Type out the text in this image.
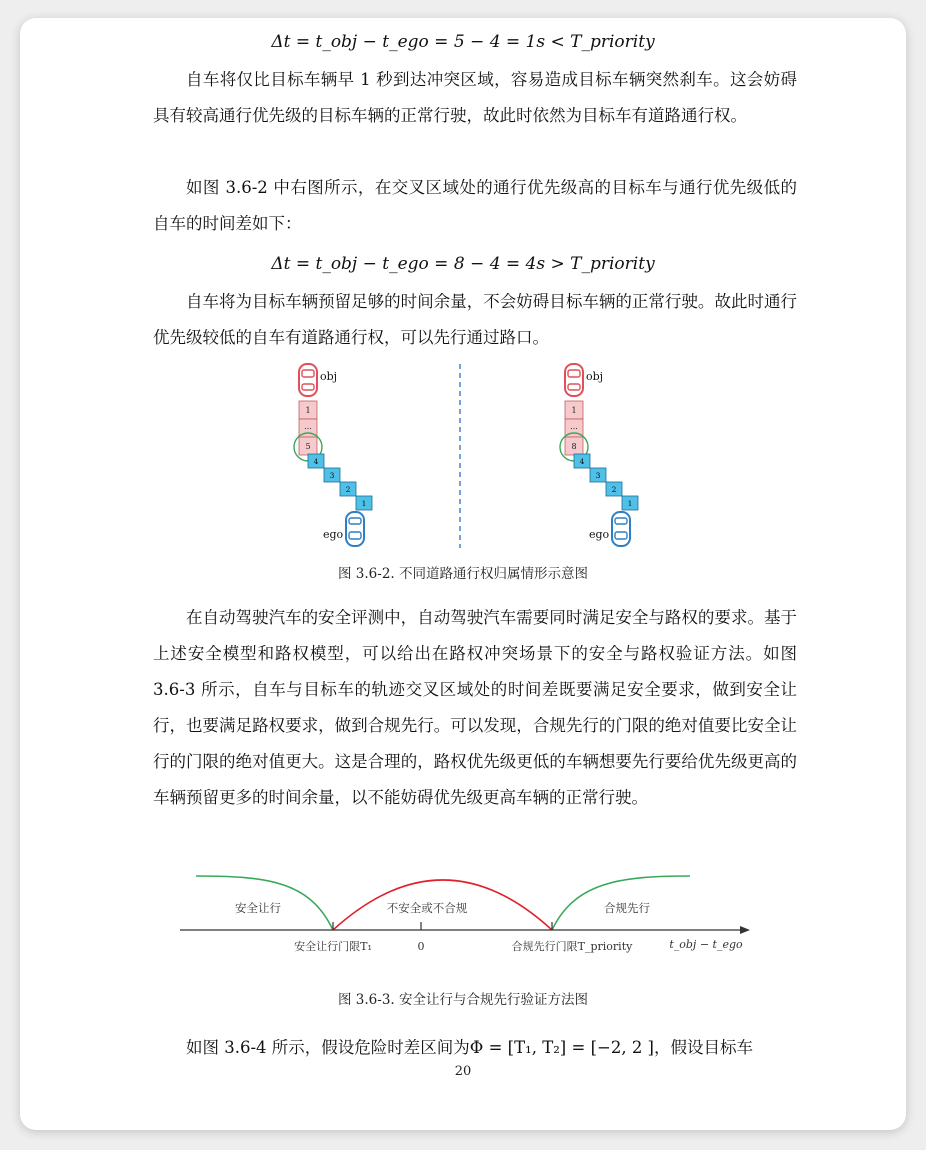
Δt = t_obj − t_ego = 5 − 4 = 1s < T_priority

自车将仅比目标车辆早 1 秒到达冲突区域，容易造成目标车辆突然刹车。这会妨碍具有较高通行优先级的目标车辆的正常行驶，故此时依然为目标车有道路通行权。

如图 3.6-2 中右图所示，在交叉区域处的通行优先级高的目标车与通行优先级低的自车的时间差如下：

Δt = t_obj − t_ego = 8 − 4 = 4s > T_priority

自车将为目标车辆预留足够的时间余量，不会妨碍目标车辆的正常行驶。故此时通行优先级较低的自车有道路通行权，可以先行通过路口。

obj
1
...
5
4
3
2
1
ego
obj
1
...
8
4
3
2
1
ego
图 3.6-2. 不同道路通行权归属情形示意图

在自动驾驶汽车的安全评测中，自动驾驶汽车需要同时满足安全与路权的要求。基于上述安全模型和路权模型，可以给出在路权冲突场景下的安全与路权验证方法。如图 3.6-3 所示，自车与目标车的轨迹交叉区域处的时间差既要满足安全要求，做到安全让行，也要满足路权要求，做到合规先行。可以发现，合规先行的门限的绝对值要比安全让行的门限的绝对值更大。这是合理的，路权优先级更低的车辆想要先行要给优先级更高的车辆预留更多的时间余量，以不能妨碍优先级更高车辆的正常行驶。

安全让行	不安全或不合规	合规先行
安全让行门限T₁	0	合规先行门限T_priority	t_obj − t_ego
图 3.6-3. 安全让行与合规先行验证方法图

如图 3.6-4 所示，假设危险时差区间为Φ = [T₁, T₂] = [−2, 2 ]，假设目标车

20
